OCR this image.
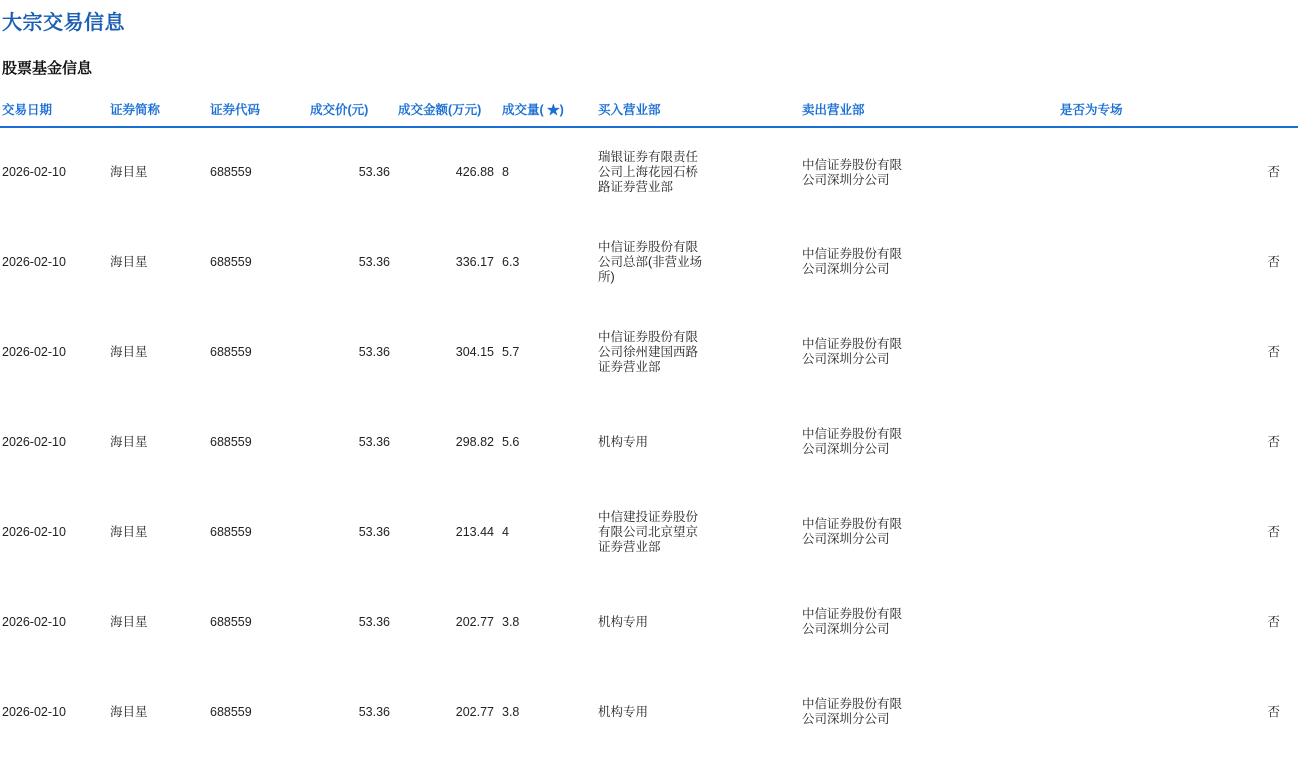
大宗交易信息
股票基金信息
交易日期	证券简称	证券代码	成交价(元)	成交金额(万元)	成交量( ★)	买入营业部	卖出营业部	是否为专场
2026-02-10	海目星	688559	53.36	426.88	8	瑞银证券有限责任公司上海花园石桥路证券营业部	中信证券股份有限公司深圳分公司	否
2026-02-10	海目星	688559	53.36	336.17	6.3	中信证券股份有限公司总部(非营业场所)	中信证券股份有限公司深圳分公司	否
2026-02-10	海目星	688559	53.36	304.15	5.7	中信证券股份有限公司徐州建国西路证券营业部	中信证券股份有限公司深圳分公司	否
2026-02-10	海目星	688559	53.36	298.82	5.6	机构专用	中信证券股份有限公司深圳分公司	否
2026-02-10	海目星	688559	53.36	213.44	4	中信建投证券股份有限公司北京望京证券营业部	中信证券股份有限公司深圳分公司	否
2026-02-10	海目星	688559	53.36	202.77	3.8	机构专用	中信证券股份有限公司深圳分公司	否
2026-02-10	海目星	688559	53.36	202.77	3.8	机构专用	中信证券股份有限公司深圳分公司	否
